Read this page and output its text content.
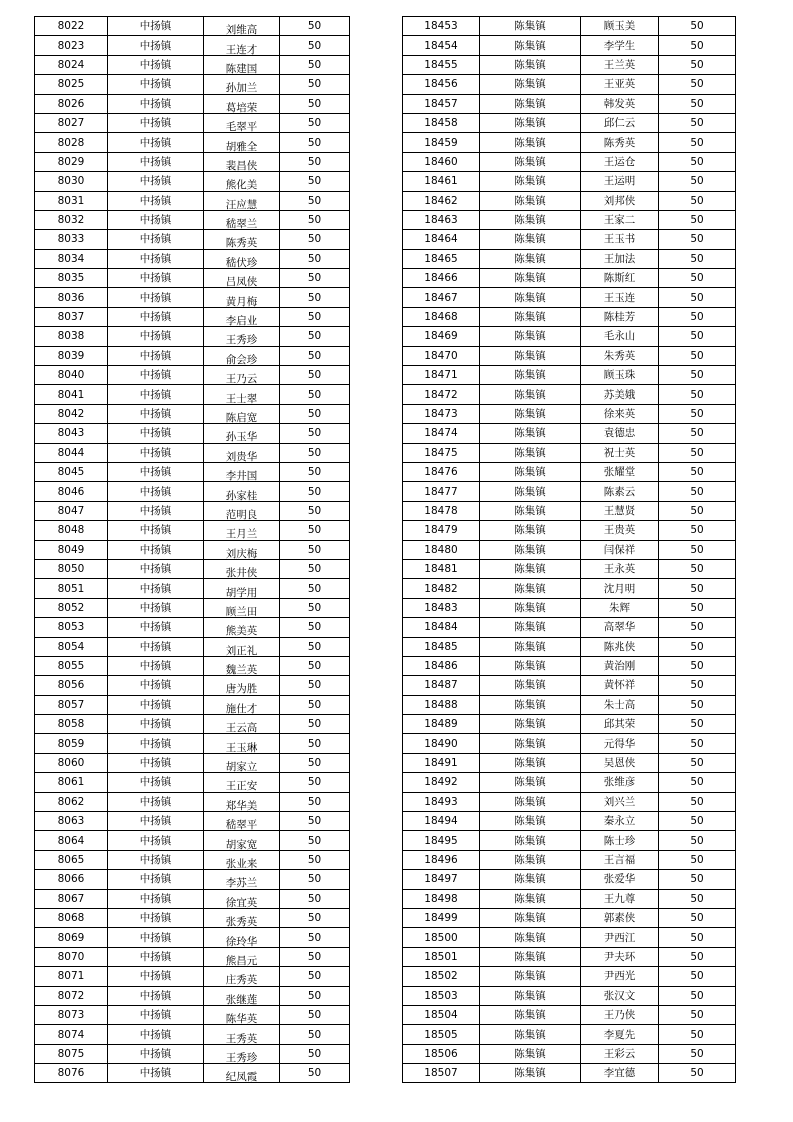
8022	中扬镇	刘维高	50
8023	中扬镇	王连才	50
8024	中扬镇	陈建国	50
8025	中扬镇	孙加兰	50
8026	中扬镇	葛培荣	50
8027	中扬镇	毛翠平	50
8028	中扬镇	胡雅全	50
8029	中扬镇	裴昌侠	50
8030	中扬镇	熊化美	50
8031	中扬镇	汪应慧	50
8032	中扬镇	嵇翠兰	50
8033	中扬镇	陈秀英	50
8034	中扬镇	嵇伏珍	50
8035	中扬镇	吕凤侠	50
8036	中扬镇	黄月梅	50
8037	中扬镇	李启业	50
8038	中扬镇	王秀珍	50
8039	中扬镇	俞会珍	50
8040	中扬镇	王乃云	50
8041	中扬镇	王士翠	50
8042	中扬镇	陈启宽	50
8043	中扬镇	孙玉华	50
8044	中扬镇	刘贵华	50
8045	中扬镇	李井国	50
8046	中扬镇	孙家桂	50
8047	中扬镇	范明良	50
8048	中扬镇	王月兰	50
8049	中扬镇	刘庆梅	50
8050	中扬镇	张井侠	50
8051	中扬镇	胡学用	50
8052	中扬镇	顾兰田	50
8053	中扬镇	熊美英	50
8054	中扬镇	刘正礼	50
8055	中扬镇	魏兰英	50
8056	中扬镇	唐为胜	50
8057	中扬镇	施仕才	50
8058	中扬镇	王云高	50
8059	中扬镇	王玉琳	50
8060	中扬镇	胡家立	50
8061	中扬镇	王正安	50
8062	中扬镇	郑华美	50
8063	中扬镇	嵇翠平	50
8064	中扬镇	胡家宽	50
8065	中扬镇	张业来	50
8066	中扬镇	李苏兰	50
8067	中扬镇	徐宜英	50
8068	中扬镇	张秀英	50
8069	中扬镇	徐玲华	50
8070	中扬镇	熊昌元	50
8071	中扬镇	庄秀英	50
8072	中扬镇	张继莲	50
8073	中扬镇	陈华英	50
8074	中扬镇	王秀英	50
8075	中扬镇	王秀珍	50
8076	中扬镇	纪凤霞	50
18453	陈集镇	顾玉美	50
18454	陈集镇	李学生	50
18455	陈集镇	王兰英	50
18456	陈集镇	王亚英	50
18457	陈集镇	韩发英	50
18458	陈集镇	邱仁云	50
18459	陈集镇	陈秀英	50
18460	陈集镇	王运仓	50
18461	陈集镇	王运明	50
18462	陈集镇	刘邦侠	50
18463	陈集镇	王家二	50
18464	陈集镇	王玉书	50
18465	陈集镇	王加法	50
18466	陈集镇	陈斯红	50
18467	陈集镇	王玉连	50
18468	陈集镇	陈桂芳	50
18469	陈集镇	毛永山	50
18470	陈集镇	朱秀英	50
18471	陈集镇	顾玉珠	50
18472	陈集镇	苏美娥	50
18473	陈集镇	徐来英	50
18474	陈集镇	袁德忠	50
18475	陈集镇	祝士英	50
18476	陈集镇	张耀堂	50
18477	陈集镇	陈素云	50
18478	陈集镇	王慧贤	50
18479	陈集镇	王贵英	50
18480	陈集镇	闫保祥	50
18481	陈集镇	王永英	50
18482	陈集镇	沈月明	50
18483	陈集镇	朱辉	50
18484	陈集镇	高翠华	50
18485	陈集镇	陈兆侠	50
18486	陈集镇	黄治刚	50
18487	陈集镇	黄怀祥	50
18488	陈集镇	朱士高	50
18489	陈集镇	邱其荣	50
18490	陈集镇	元得华	50
18491	陈集镇	吴恩侠	50
18492	陈集镇	张维彦	50
18493	陈集镇	刘兴兰	50
18494	陈集镇	秦永立	50
18495	陈集镇	陈士珍	50
18496	陈集镇	王言福	50
18497	陈集镇	张爱华	50
18498	陈集镇	王九尊	50
18499	陈集镇	郭素侠	50
18500	陈集镇	尹西江	50
18501	陈集镇	尹夫环	50
18502	陈集镇	尹西光	50
18503	陈集镇	张汉文	50
18504	陈集镇	王乃侠	50
18505	陈集镇	李夏先	50
18506	陈集镇	王彩云	50
18507	陈集镇	李宜德	50
